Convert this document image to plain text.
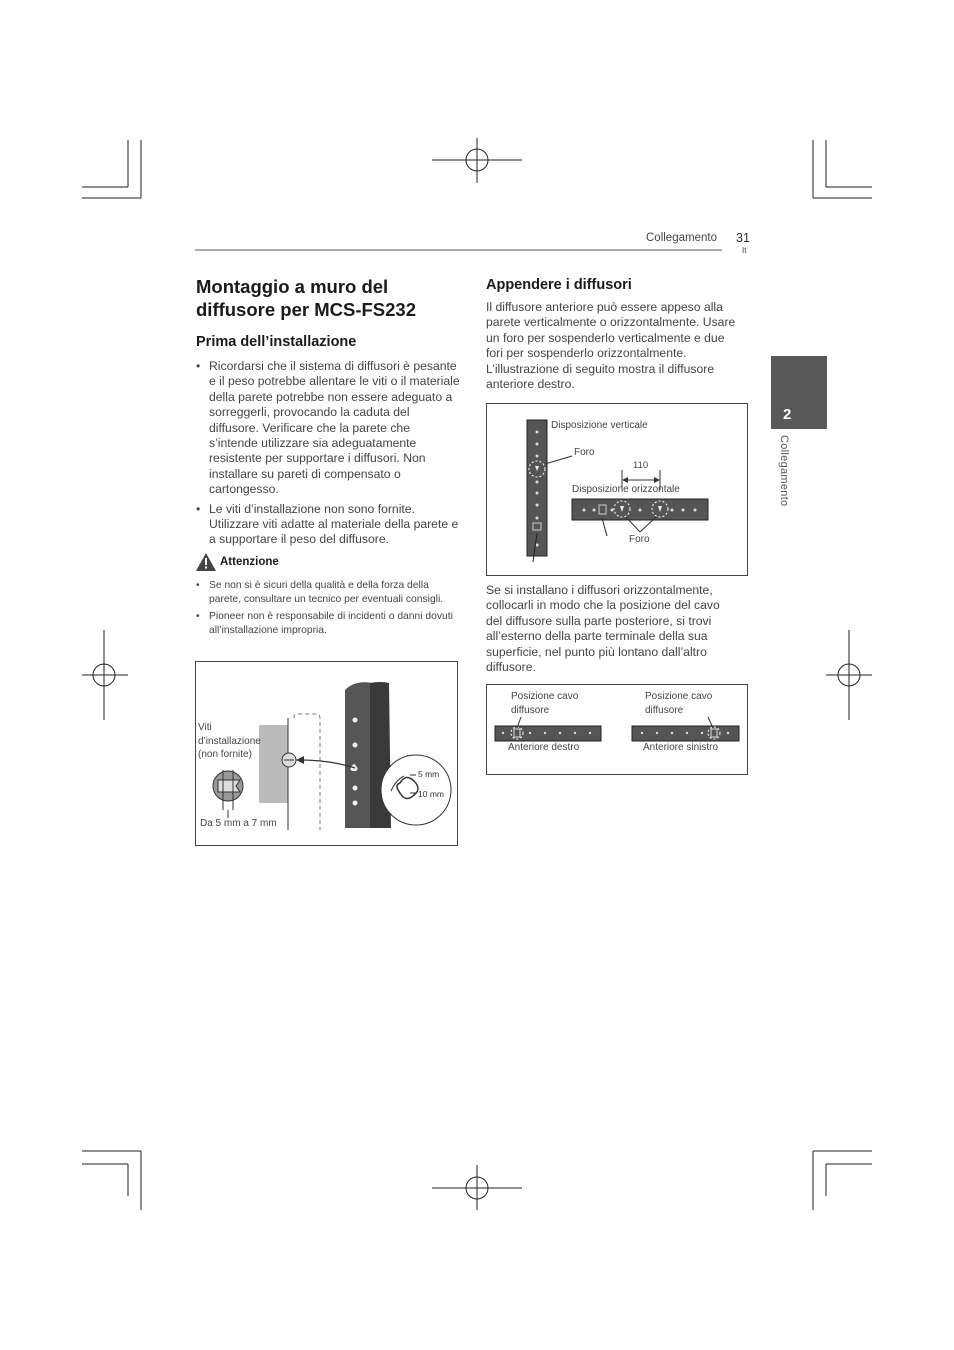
Collegamento 31
It
2
Collegamento
Montaggio a muro del diffusore per MCS-FS232
Prima dell’installazione
• Ricordarsi che il sistema di diffusori è pesante e il peso potrebbe allentare le viti o il materiale della parete potrebbe non essere adeguato a sorreggerli, provocando la caduta del diffusore. Verificare che la parete che s’intende utilizzare sia adeguatamente resistente per supportare i diffusori. Non installare su pareti di compensato o cartongesso.
• Le viti d’installazione non sono fornite. Utilizzare viti adatte al materiale della parete e a supportare il peso del diffusore.
Attenzione
• Se non si è sicuri della qualità e della forza della parete, consultare un tecnico per eventuali consigli.
• Pioneer non è responsabile di incidenti o danni dovuti all’installazione impropria.
Viti
d’installazione
(non fornite)
Da 5 mm a 7 mm
5 mm
10 mm
Appendere i diffusori
Il diffusore anteriore può essere appeso alla parete verticalmente o orizzontalmente. Usare un foro per sospenderlo verticalmente e due fori per sospenderlo orizzontalmente. L’illustrazione di seguito mostra il diffusore anteriore destro.
Disposizione verticale
Foro
110
Disposizione orizzontale
Foro
Se si installano i diffusori orizzontalmente, collocarli in modo che la posizione del cavo del diffusore sulla parte posteriore, si trovi all’esterno della parte terminale della sua superficie, nel punto più lontano dall’altro diffusore.
Posizione cavo
diffusore
Anteriore destro
Posizione cavo
diffusore
Anteriore sinistro
